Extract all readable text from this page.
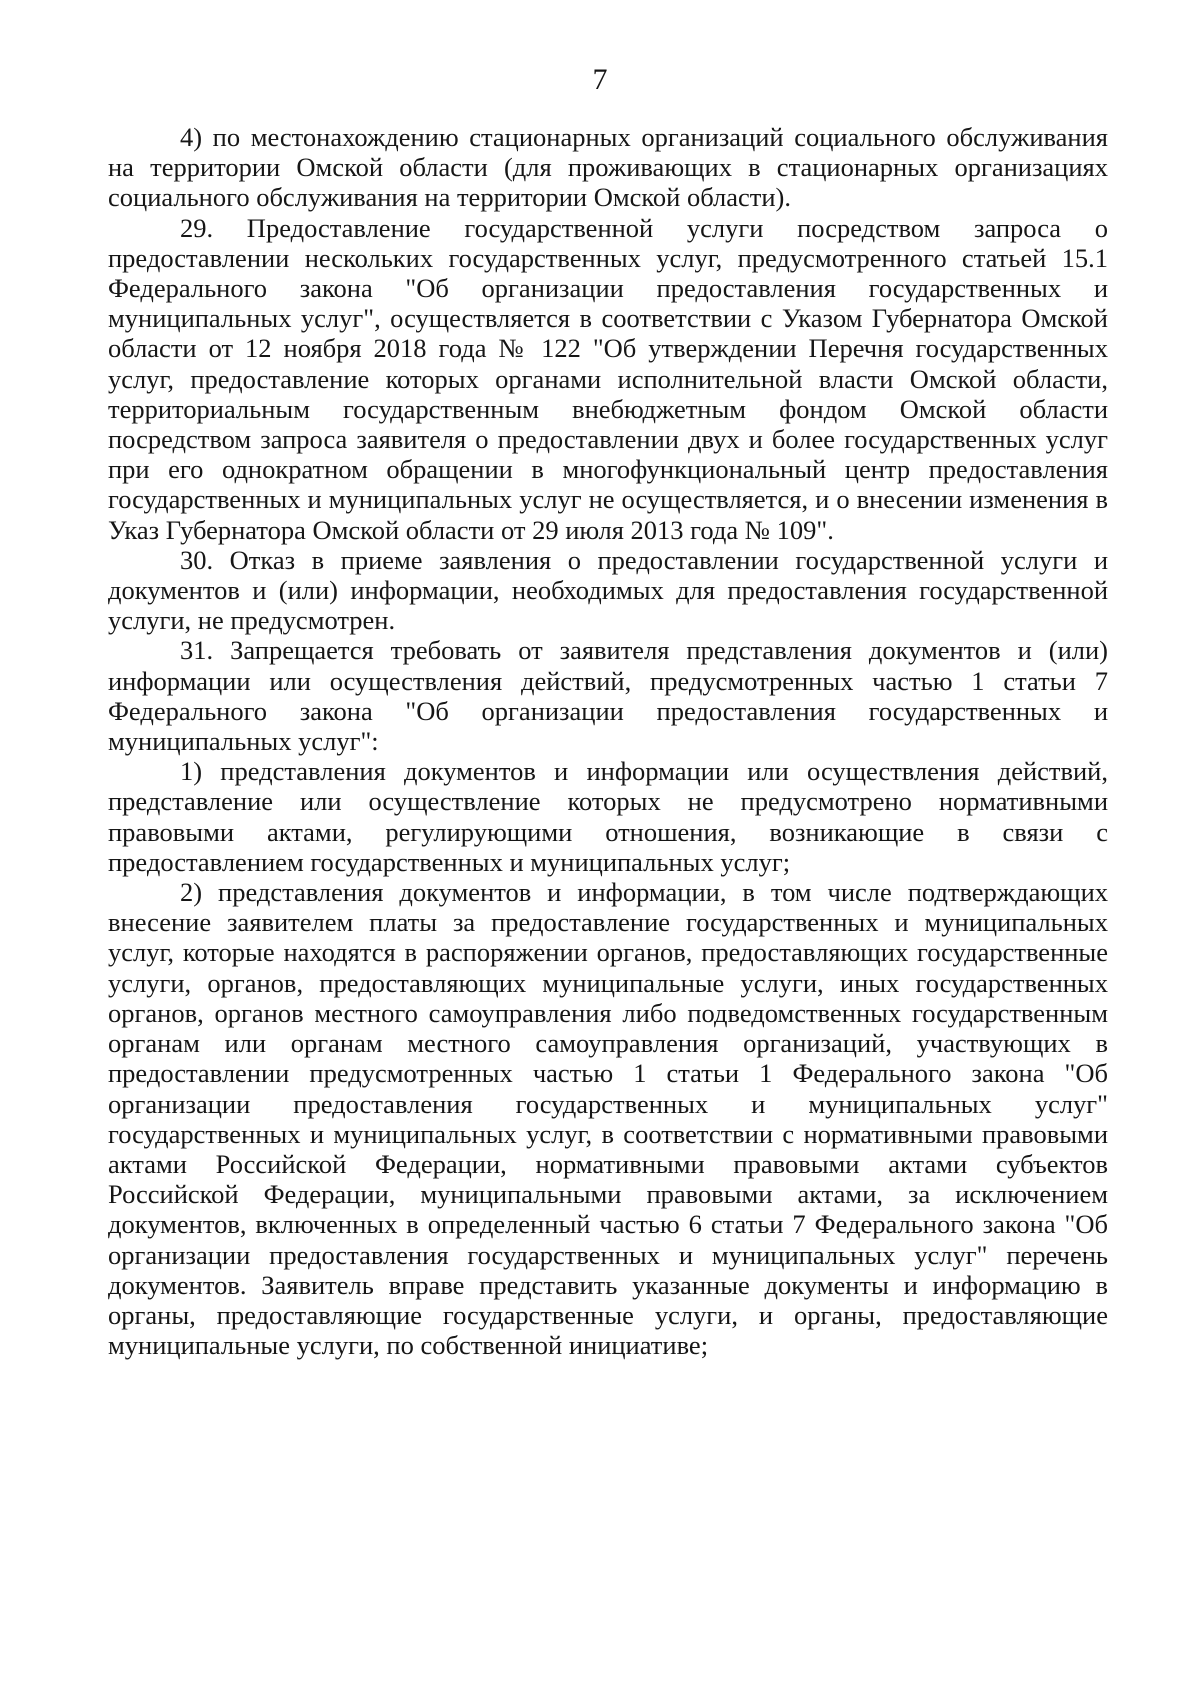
7

4) по местонахождению стационарных организаций социального обслуживания на территории Омской области (для проживающих в стационарных организациях социального обслуживания на территории Омской области).

29. Предоставление государственной услуги посредством запроса о предоставлении нескольких государственных услуг, предусмотренного статьей 15.1 Федерального закона "Об организации предоставления государственных и муниципальных услуг", осуществляется в соответствии с Указом Губернатора Омской области от 12 ноября 2018 года № 122 "Об утверждении Перечня государственных услуг, предоставление которых органами исполнительной власти Омской области, территориальным государственным внебюджетным фондом Омской области посредством запроса заявителя о предоставлении двух и более государственных услуг при его однократном обращении в многофункциональный центр предоставления государственных и муниципальных услуг не осуществляется, и о внесении изменения в Указ Губернатора Омской области от 29 июля 2013 года № 109".

30. Отказ в приеме заявления о предоставлении государственной услуги и документов и (или) информации, необходимых для предоставления государственной услуги, не предусмотрен.

31. Запрещается требовать от заявителя представления документов и (или) информации или осуществления действий, предусмотренных частью 1 статьи 7 Федерального закона "Об организации предоставления государственных и муниципальных услуг":

1) представления документов и информации или осуществления действий, представление или осуществление которых не предусмотрено нормативными правовыми актами, регулирующими отношения, возникающие в связи с предоставлением государственных и муниципальных услуг;

2) представления документов и информации, в том числе подтверждающих внесение заявителем платы за предоставление государственных и муниципальных услуг, которые находятся в распоряжении органов, предоставляющих государственные услуги, органов, предоставляющих муниципальные услуги, иных государственных органов, органов местного самоуправления либо подведомственных государственным органам или органам местного самоуправления организаций, участвующих в предоставлении предусмотренных частью 1 статьи 1 Федерального закона "Об организации предоставления государственных и муниципальных услуг" государственных и муниципальных услуг, в соответствии с нормативными правовыми актами Российской Федерации, нормативными правовыми актами субъектов Российской Федерации, муниципальными правовыми актами, за исключением документов, включенных в определенный частью 6 статьи 7 Федерального закона "Об организации предоставления государственных и муниципальных услуг" перечень документов. Заявитель вправе представить указанные документы и информацию в органы, предоставляющие государственные услуги, и органы, предоставляющие муниципальные услуги, по собственной инициативе;
